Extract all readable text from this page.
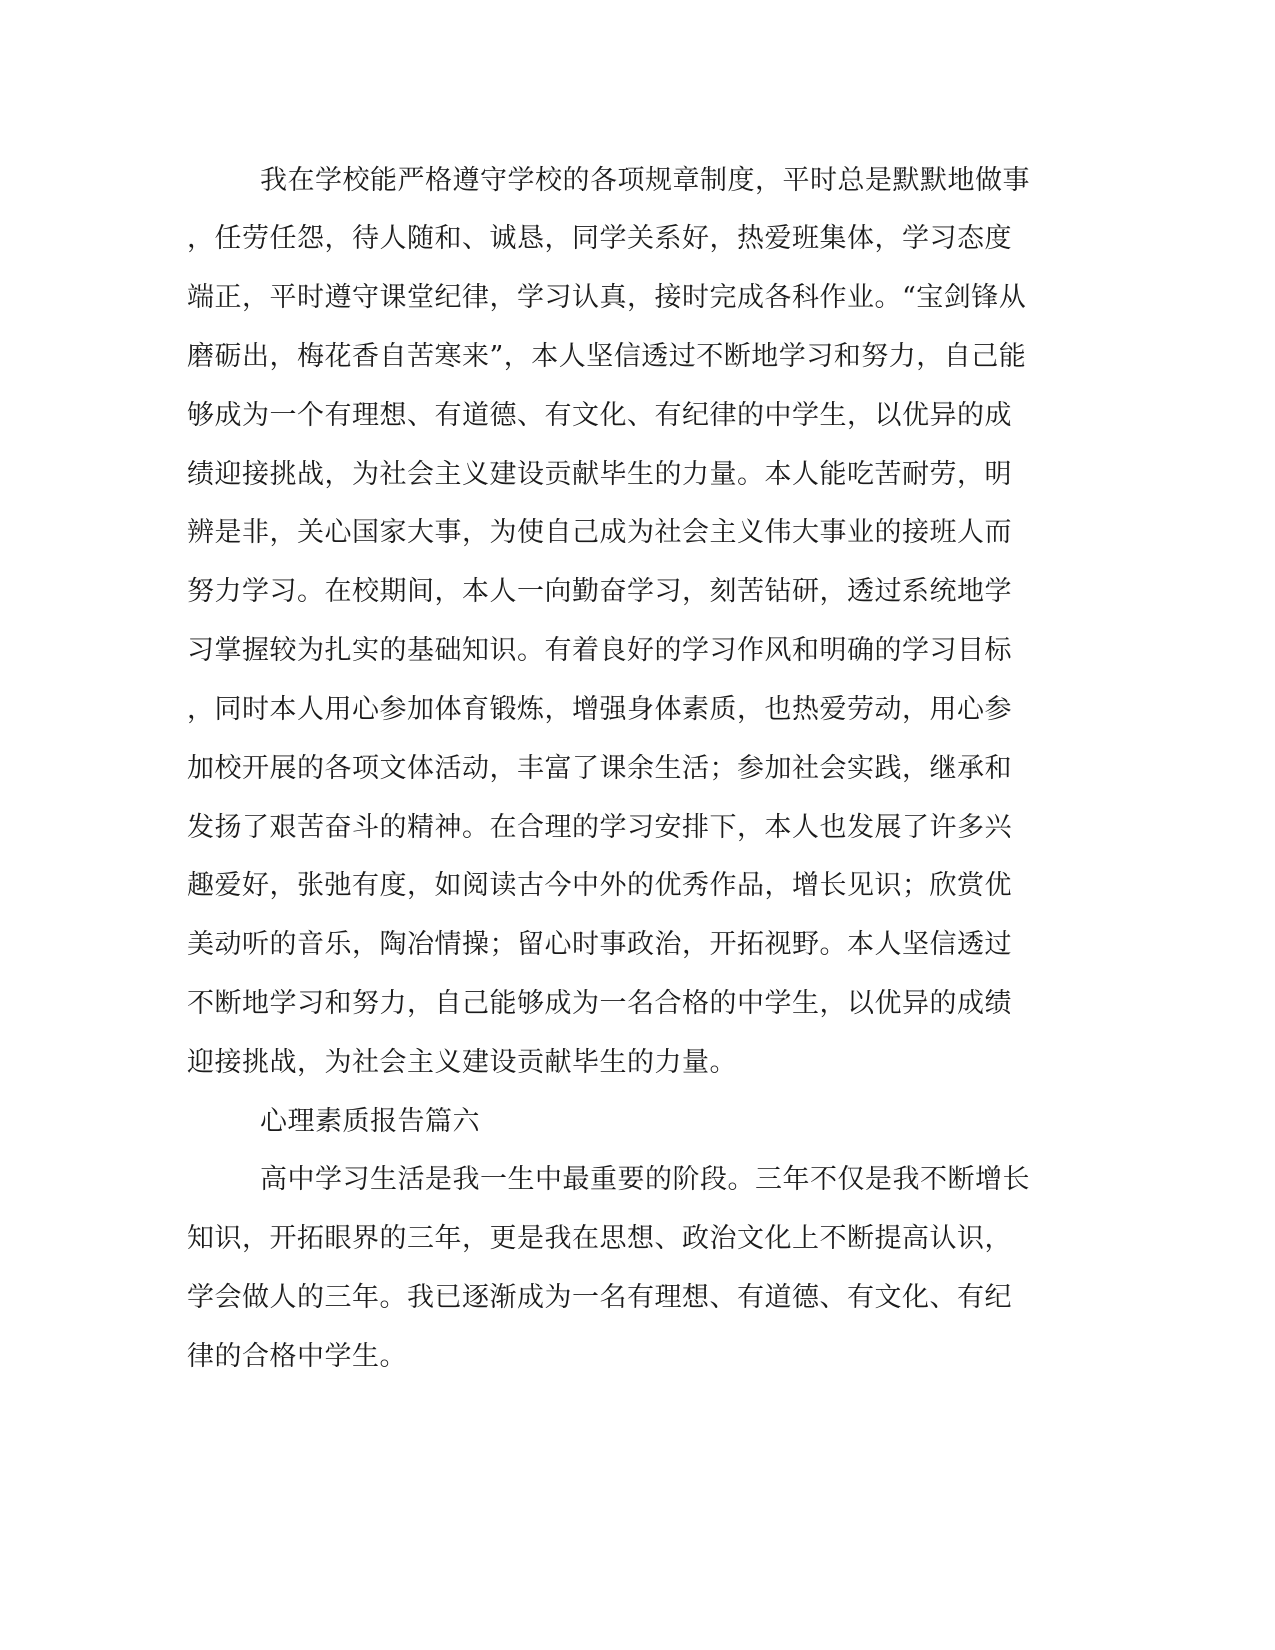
我在学校能严格遵守学校的各项规章制度，平时总是默默地做事
，任劳任怨，待人随和、诚恳，同学关系好，热爱班集体，学习态度
端正，平时遵守课堂纪律，学习认真，接时完成各科作业。“宝剑锋从
磨砺出，梅花香自苦寒来”，本人坚信透过不断地学习和努力，自己能
够成为一个有理想、有道德、有文化、有纪律的中学生，以优异的成
绩迎接挑战，为社会主义建设贡献毕生的力量。本人能吃苦耐劳，明
辨是非，关心国家大事，为使自己成为社会主义伟大事业的接班人而
努力学习。在校期间，本人一向勤奋学习，刻苦钻研，透过系统地学
习掌握较为扎实的基础知识。有着良好的学习作风和明确的学习目标
，同时本人用心参加体育锻炼，增强身体素质，也热爱劳动，用心参
加校开展的各项文体活动，丰富了课余生活；参加社会实践，继承和
发扬了艰苦奋斗的精神。在合理的学习安排下，本人也发展了许多兴
趣爱好，张弛有度，如阅读古今中外的优秀作品，增长见识；欣赏优
美动听的音乐，陶冶情操；留心时事政治，开拓视野。本人坚信透过
不断地学习和努力，自己能够成为一名合格的中学生，以优异的成绩
迎接挑战，为社会主义建设贡献毕生的力量。
心理素质报告篇六
高中学习生活是我一生中最重要的阶段。三年不仅是我不断增长
知识，开拓眼界的三年，更是我在思想、政治文化上不断提高认识，
学会做人的三年。我已逐渐成为一名有理想、有道德、有文化、有纪
律的合格中学生。
